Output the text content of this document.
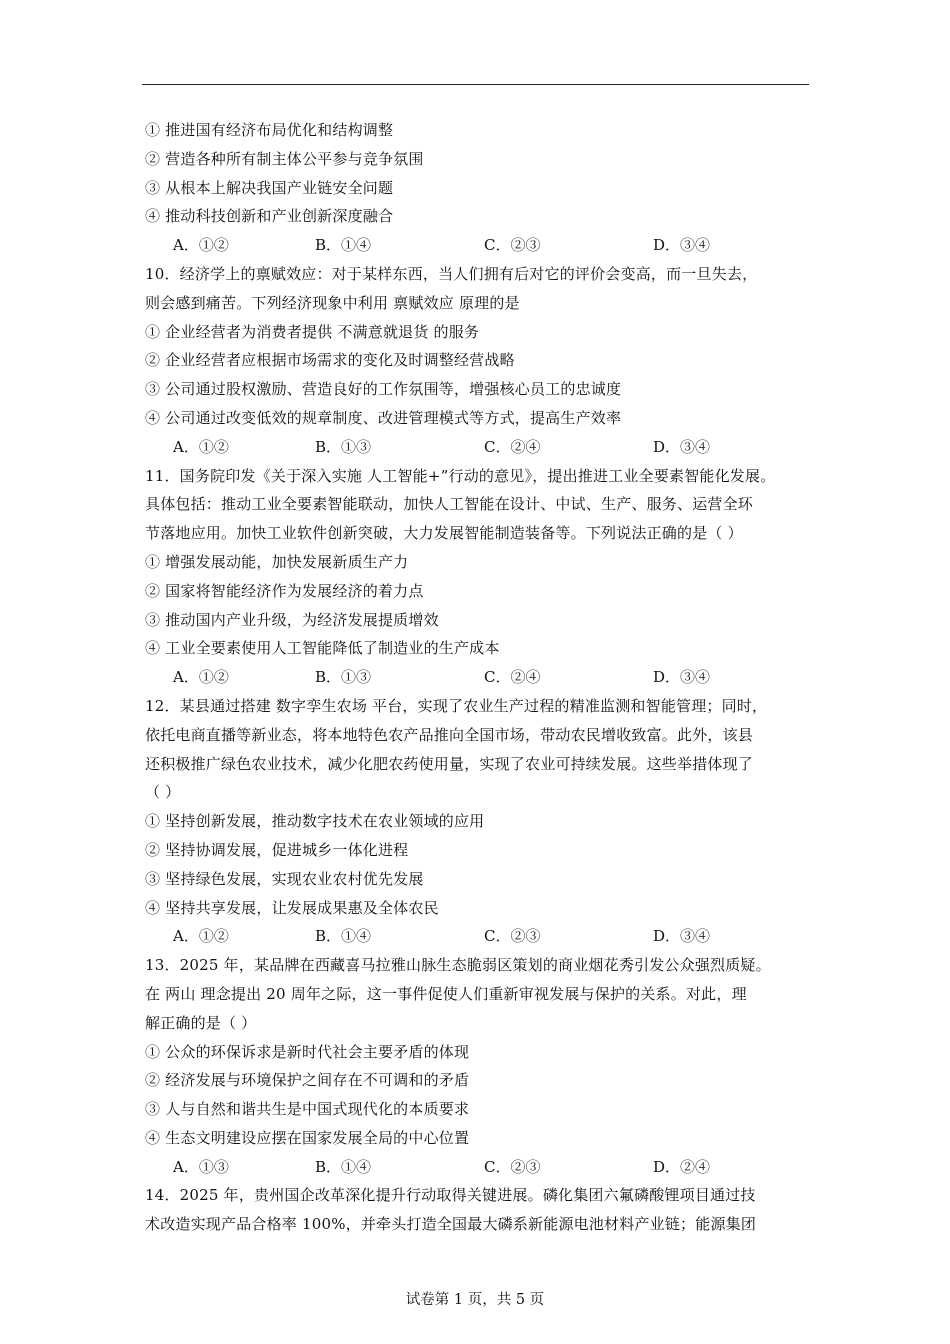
① 推进国有经济布局优化和结构调整
② 营造各种所有制主体公平参与竞争氛围
③ 从根本上解决我国产业链安全问题
④ 推动科技创新和产业创新深度融合
A．①②	B．①④	C．②③	D．③④
10．经济学上的禀赋效应：对于某样东西，当人们拥有后对它的评价会变高，而一旦失去，
则会感到痛苦。下列经济现象中利用 禀赋效应 原理的是
① 企业经营者为消费者提供 不满意就退货 的服务
② 企业经营者应根据市场需求的变化及时调整经营战略
③ 公司通过股权激励、营造良好的工作氛围等，增强核心员工的忠诚度
④ 公司通过改变低效的规章制度、改进管理模式等方式，提高生产效率
A．①②	B．①③	C．②④	D．③④
11．国务院印发《关于深入实施 人工智能+”行动的意见》，提出推进工业全要素智能化发展。
具体包括：推动工业全要素智能联动，加快人工智能在设计、中试、生产、服务、运营全环
节落地应用。加快工业软件创新突破，大力发展智能制造装备等。下列说法正确的是（ ）
① 增强发展动能，加快发展新质生产力
② 国家将智能经济作为发展经济的着力点
③ 推动国内产业升级，为经济发展提质增效
④ 工业全要素使用人工智能降低了制造业的生产成本
A．①②	B．①③	C．②④	D．③④
12．某县通过搭建 数字孪生农场 平台，实现了农业生产过程的精准监测和智能管理；同时，
依托电商直播等新业态，将本地特色农产品推向全国市场，带动农民增收致富。此外，该县
还积极推广绿色农业技术，减少化肥农药使用量，实现了农业可持续发展。这些举措体现了
（ ）
① 坚持创新发展，推动数字技术在农业领域的应用
② 坚持协调发展，促进城乡一体化进程
③ 坚持绿色发展，实现农业农村优先发展
④ 坚持共享发展，让发展成果惠及全体农民
A．①②	B．①④	C．②③	D．③④
13．2025 年，某品牌在西藏喜马拉雅山脉生态脆弱区策划的商业烟花秀引发公众强烈质疑。
在 两山 理念提出 20 周年之际，这一事件促使人们重新审视发展与保护的关系。对此，理
解正确的是（ ）
① 公众的环保诉求是新时代社会主要矛盾的体现
② 经济发展与环境保护之间存在不可调和的矛盾
③ 人与自然和谐共生是中国式现代化的本质要求
④ 生态文明建设应摆在国家发展全局的中心位置
A．①③	B．①④	C．②③	D．②④
14．2025 年，贵州国企改革深化提升行动取得关键进展。磷化集团六氟磷酸锂项目通过技
术改造实现产品合格率 100%，并牵头打造全国最大磷系新能源电池材料产业链；能源集团
试卷第 1 页，共 5 页
